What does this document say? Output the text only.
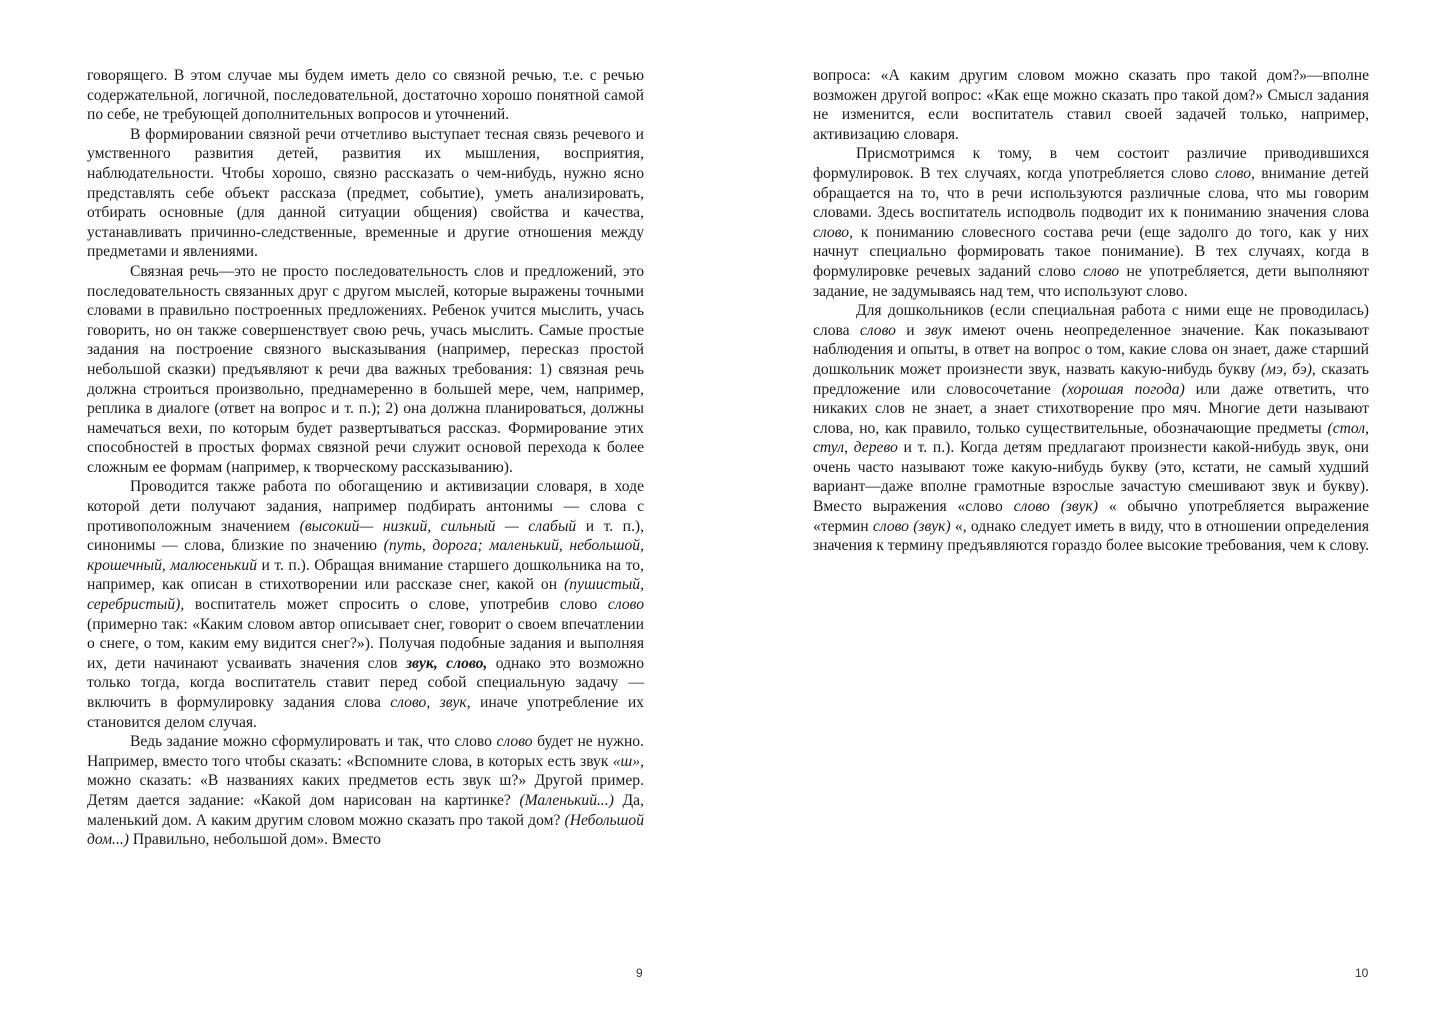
говорящего. В этом случае мы будем иметь дело со связной речью, т.е. с речью содержательной, логичной, последовательной, достаточно хорошо понятной самой по себе, не требующей дополнительных вопросов и уточнений.

В формировании связной речи отчетливо выступает тесная связь речевого и умственного развития детей, развития их мышления, восприятия, наблюдательности. Чтобы хорошо, связно рассказать о чем-нибудь, нужно ясно представлять себе объект рассказа (предмет, событие), уметь анализировать, отбирать основные (для данной ситуации общения) свойства и качества, устанавливать причинно-следственные, временные и другие отношения между предметами и явлениями.

Связная речь—это не просто последовательность слов и предложений, это последовательность связанных друг с другом мыслей, которые выражены точными словами в правильно построенных предложениях. Ребенок учится мыслить, учась говорить, но он также совершенствует свою речь, учась мыслить. Самые простые задания на построение связного высказывания (например, пересказ простой небольшой сказки) предъявляют к речи два важных требования: 1) связная речь должна строиться произвольно, преднамеренно в большей мере, чем, например, реплика в диалоге (ответ на вопрос и т. п.); 2) она должна планироваться, должны намечаться вехи, по которым будет развертываться рассказ. Формирование этих способностей в простых формах связной речи служит основой перехода к более сложным ее формам (например, к творческому рассказыванию).

Проводится также работа по обогащению и активизации словаря, в ходе которой дети получают задания, например подбирать антонимы — слова с противоположным значением (высокий— низкий, сильный — слабый и т. п.), синонимы — слова, близкие по значению (путь, дорога; маленький, небольшой, крошечный, малюсенький и т. п.). Обращая внимание старшего дошкольника на то, например, как описан в стихотворении или рассказе снег, какой он (пушистый, серебристый), воспитатель может спросить о слове, употребив слово слово (примерно так: «Каким словом автор описывает снег, говорит о своем впечатлении о снеге, о том, каким ему видится снег?»). Получая подобные задания и выполняя их, дети начинают усваивать значения слов звук, слово, однако это возможно только тогда, когда воспитатель ставит перед собой специальную задачу — включить в формулировку задания слова слово, звук, иначе употребление их становится делом случая.

Ведь задание можно сформулировать и так, что слово слово будет не нужно. Например, вместо того чтобы сказать: «Вспомните слова, в которых есть звук «ш», можно сказать: «В названиях каких предметов есть звук ш?» Другой пример. Детям дается задание: «Какой дом нарисован на картинке? (Маленький...) Да, маленький дом. А каким другим словом можно сказать про такой дом? (Небольшой дом...) Правильно, небольшой дом». Вместо

вопроса: «А каким другим словом можно сказать про такой дом?»—вполне возможен другой вопрос: «Как еще можно сказать про такой дом?» Смысл задания не изменится, если воспитатель ставил своей задачей только, например, активизацию словаря.

Присмотримся к тому, в чем состоит различие приводившихся формулировок. В тех случаях, когда употребляется слово слово, внимание детей обращается на то, что в речи используются различные слова, что мы говорим словами. Здесь воспитатель исподволь подводит их к пониманию значения слова слово, к пониманию словесного состава речи (еще задолго до того, как у них начнут специально формировать такое понимание). В тех случаях, когда в формулировке речевых заданий слово слово не употребляется, дети выполняют задание, не задумываясь над тем, что используют слово.

Для дошкольников (если специальная работа с ними еще не проводилась) слова слово и звук имеют очень неопределенное значение. Как показывают наблюдения и опыты, в ответ на вопрос о том, какие слова он знает, даже старший дошкольник может произнести звук, назвать какую-нибудь букву (мэ, бэ), сказать предложение или словосочетание (хорошая погода) или даже ответить, что никаких слов не знает, а знает стихотворение про мяч. Многие дети называют слова, но, как правило, только существительные, обозначающие предметы (стол, стул, дерево и т. п.). Когда детям предлагают произнести какой-нибудь звук, они очень часто называют тоже какую-нибудь букву (это, кстати, не самый худший вариант—даже вполне грамотные взрослые зачастую смешивают звук и букву). Вместо выражения «слово слово (звук) « обычно употребляется выражение «термин слово (звук) «, однако следует иметь в виду, что в отношении определения значения к термину предъявляются гораздо более высокие требования, чем к слову.

9	10
